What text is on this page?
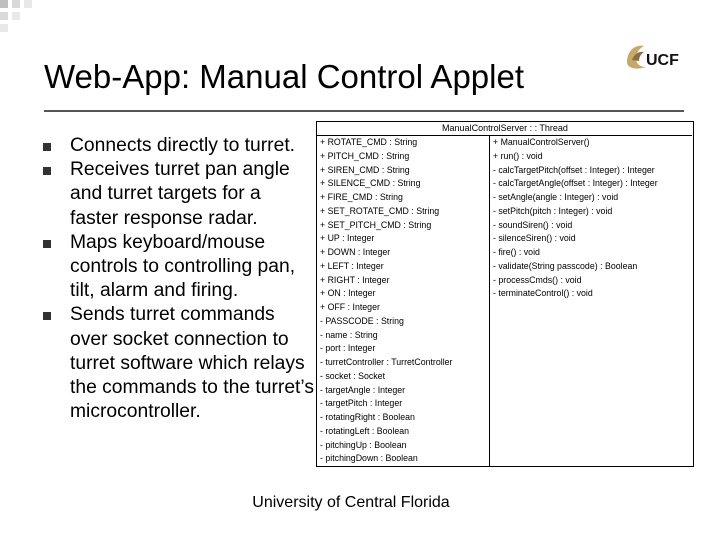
Web-App: Manual Control Applet	UCF
Connects directly to turret.
Receives turret pan angle and turret targets for a faster response radar.
Maps keyboard/mouse controls to controlling pan, tilt, alarm and firing.
Sends turret commands over socket connection to turret software which relays the commands to the turret’s microcontroller.
ManualControlServer : : Thread
+ ROTATE_CMD : String
+ PITCH_CMD : String
+ SIREN_CMD : String
+ SILENCE_CMD : String
+ FIRE_CMD : String
+ SET_ROTATE_CMD : String
+ SET_PITCH_CMD : String
+ UP : Integer
+ DOWN : Integer
+ LEFT : Integer
+ RIGHT : Integer
+ ON : Integer
+ OFF : Integer
- PASSCODE : String
- name : String
- port : Integer
- turretController : TurretController
- socket : Socket
- targetAngle : Integer
- targetPitch : Integer
- rotatingRight : Boolean
- rotatingLeft : Boolean
- pitchingUp : Boolean
- pitchingDown : Boolean
+ ManualControlServer()
+ run() : void
- calcTargetPitch(offset : Integer) : Integer
- calcTargetAngle(offset : Integer) : Integer
- setAngle(angle : Integer) : void
- setPitch(pitch : Integer) : void
- soundSiren() : void
- silenceSiren() : void
- fire() : void
- validate(String passcode) : Boolean
- processCmds() : void
- terminateControl() : void
University of Central Florida
